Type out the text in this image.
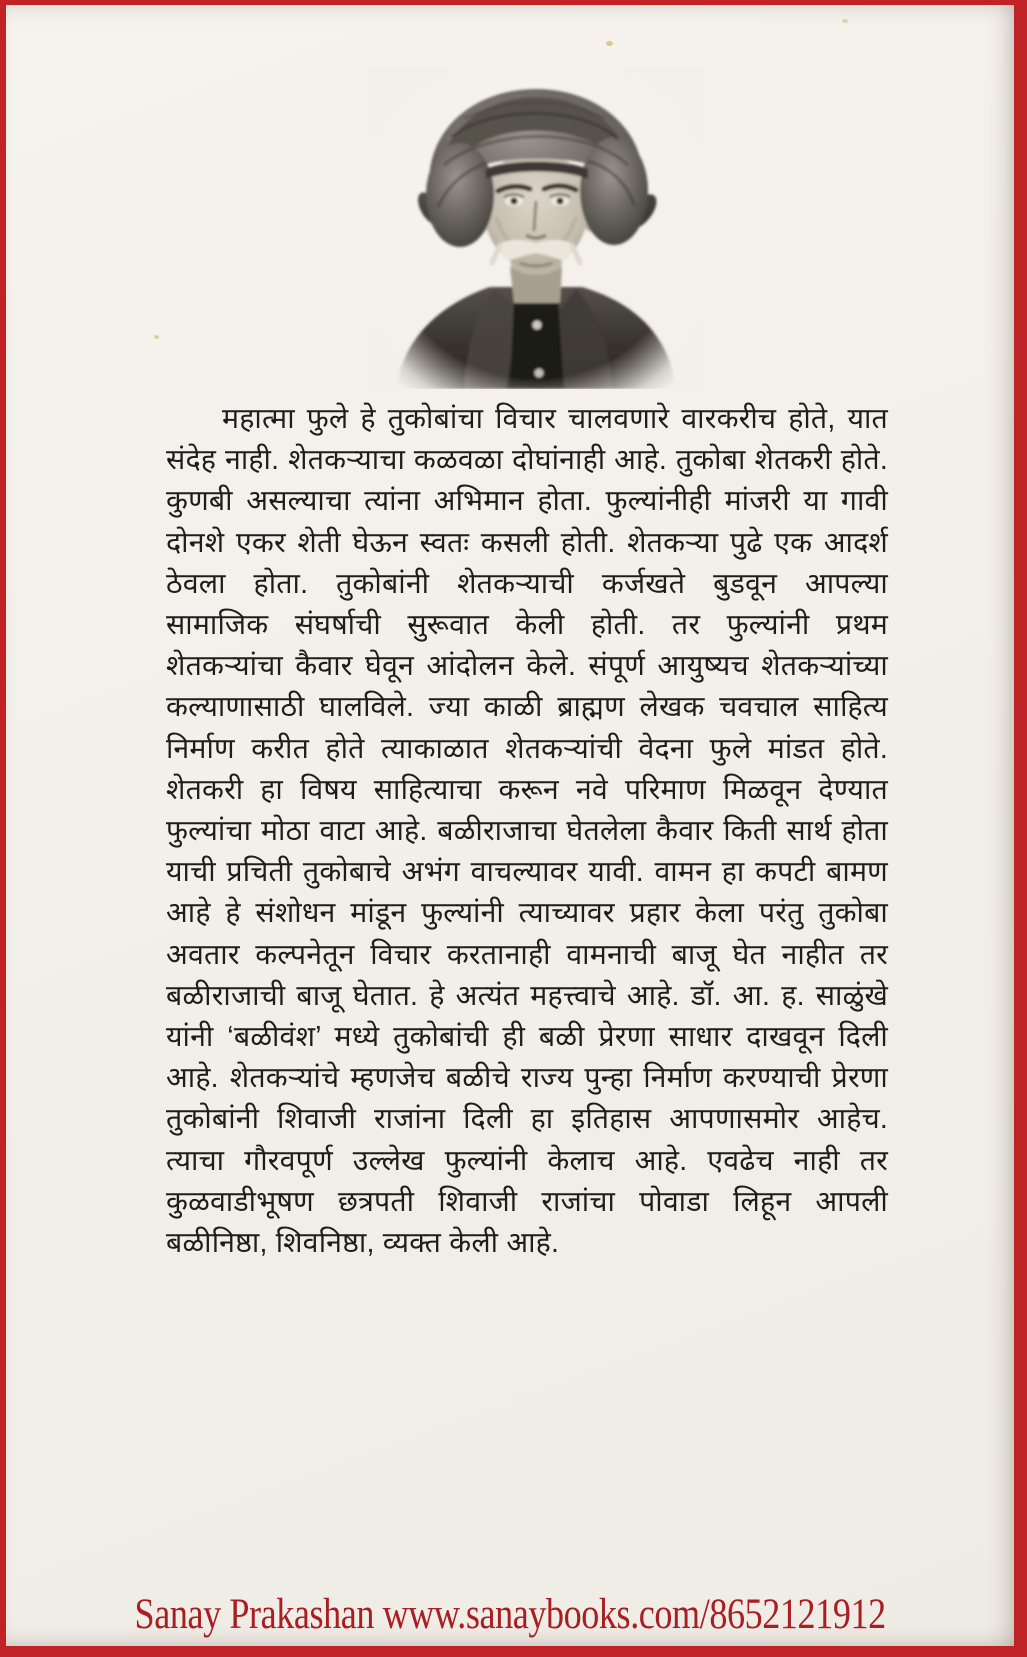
महात्मा फुले हे तुकोबांचा विचार चालवणारे वारकरीच होते, यात
संदेह नाही. शेतकऱ्याचा कळवळा दोघांनाही आहे. तुकोबा शेतकरी होते.
कुणबी असल्याचा त्यांना अभिमान होता. फुल्यांनीही मांजरी या गावी
दोनशे एकर शेती घेऊन स्वतः कसली होती. शेतकऱ्या पुढे एक आदर्श
ठेवला होता. तुकोबांनी शेतकऱ्याची कर्जखते बुडवून आपल्या
सामाजिक संघर्षाची सुरूवात केली होती. तर फुल्यांनी प्रथम
शेतकऱ्यांचा कैवार घेवून आंदोलन केले. संपूर्ण आयुष्यच शेतकऱ्यांच्या
कल्याणासाठी घालविले. ज्या काळी ब्राह्मण लेखक चवचाल साहित्य
निर्माण करीत होते त्याकाळात शेतकऱ्यांची वेदना फुले मांडत होते.
शेतकरी हा विषय साहित्याचा करून नवे परिमाण मिळवून देण्यात
फुल्यांचा मोठा वाटा आहे. बळीराजाचा घेतलेला कैवार किती सार्थ होता
याची प्रचिती तुकोबाचे अभंग वाचल्यावर यावी. वामन हा कपटी बामण
आहे हे संशोधन मांडून फुल्यांनी त्याच्यावर प्रहार केला परंतु तुकोबा
अवतार कल्पनेतून विचार करतानाही वामनाची बाजू घेत नाहीत तर
बळीराजाची बाजू घेतात. हे अत्यंत महत्त्वाचे आहे. डॉ. आ. ह. साळुंखे
यांनी ‘बळीवंश’ मध्ये तुकोबांची ही बळी प्रेरणा साधार दाखवून दिली
आहे. शेतकऱ्यांचे म्हणजेच बळीचे राज्य पुन्हा निर्माण करण्याची प्रेरणा
तुकोबांनी शिवाजी राजांना दिली हा इतिहास आपणासमोर आहेच.
त्याचा गौरवपूर्ण उल्लेख फुल्यांनी केलाच आहे. एवढेच नाही तर
कुळवाडीभूषण छत्रपती शिवाजी राजांचा पोवाडा लिहून आपली
बळीनिष्ठा, शिवनिष्ठा, व्यक्त केली आहे.
Sanay Prakashan www.sanaybooks.com/8652121912
